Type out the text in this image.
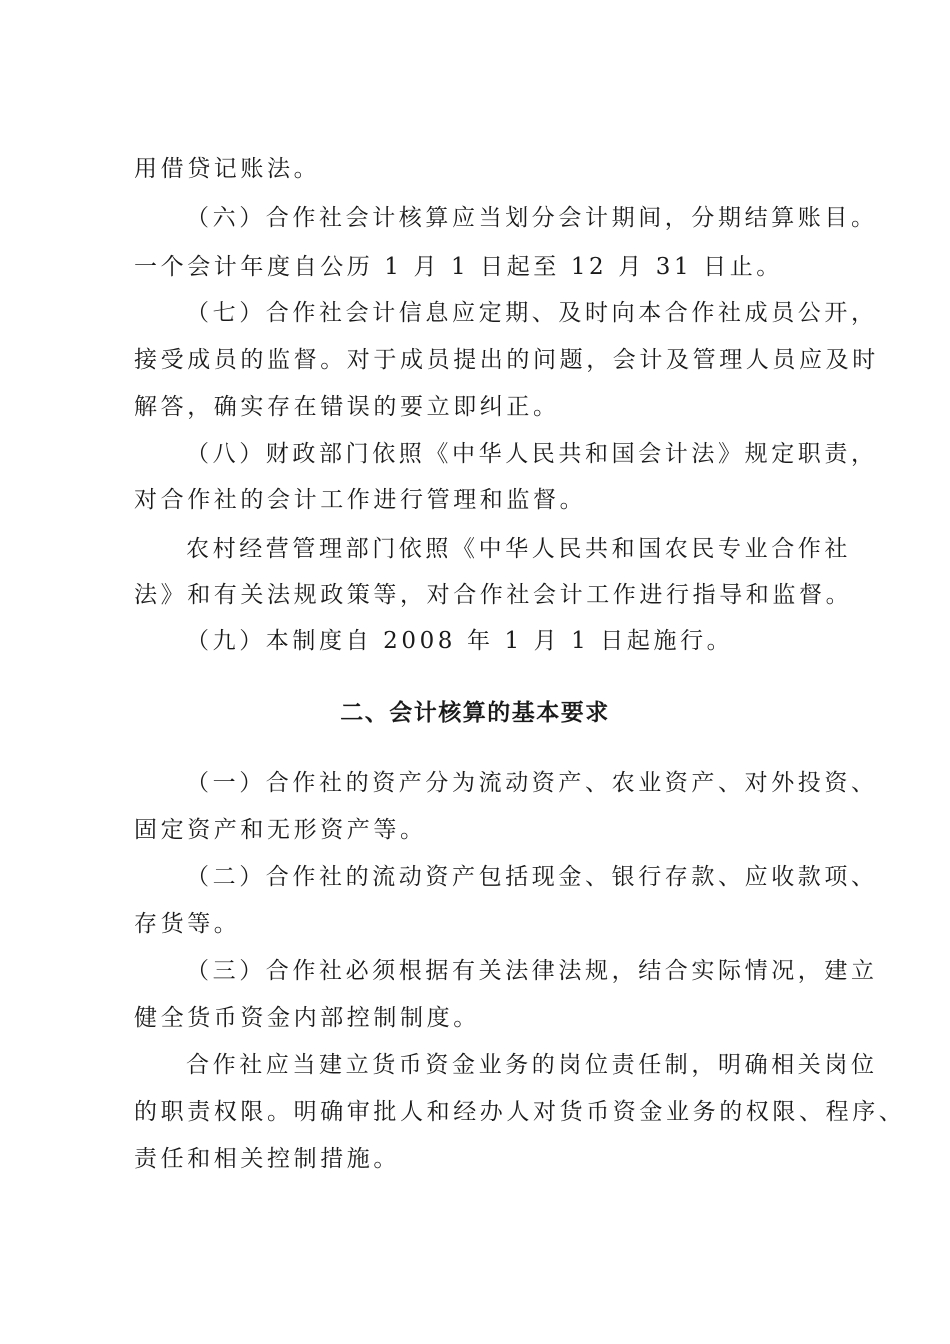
用借贷记账法。
（六）合作社会计核算应当划分会计期间，分期结算账目。
一个会计年度自公历 1 月 1 日起至 12 月 31 日止。
（七）合作社会计信息应定期、及时向本合作社成员公开，
接受成员的监督。对于成员提出的问题，会计及管理人员应及时
解答，确实存在错误的要立即纠正。
（八）财政部门依照《中华人民共和国会计法》规定职责，
对合作社的会计工作进行管理和监督。
农村经营管理部门依照《中华人民共和国农民专业合作社
法》和有关法规政策等，对合作社会计工作进行指导和监督。
（九）本制度自 2008 年 1 月 1 日起施行。
二、会计核算的基本要求
（一）合作社的资产分为流动资产、农业资产、对外投资、
固定资产和无形资产等。
（二）合作社的流动资产包括现金、银行存款、应收款项、
存货等。
（三）合作社必须根据有关法律法规，结合实际情况，建立
健全货币资金内部控制制度。
合作社应当建立货币资金业务的岗位责任制，明确相关岗位
的职责权限。明确审批人和经办人对货币资金业务的权限、程序、
责任和相关控制措施。
